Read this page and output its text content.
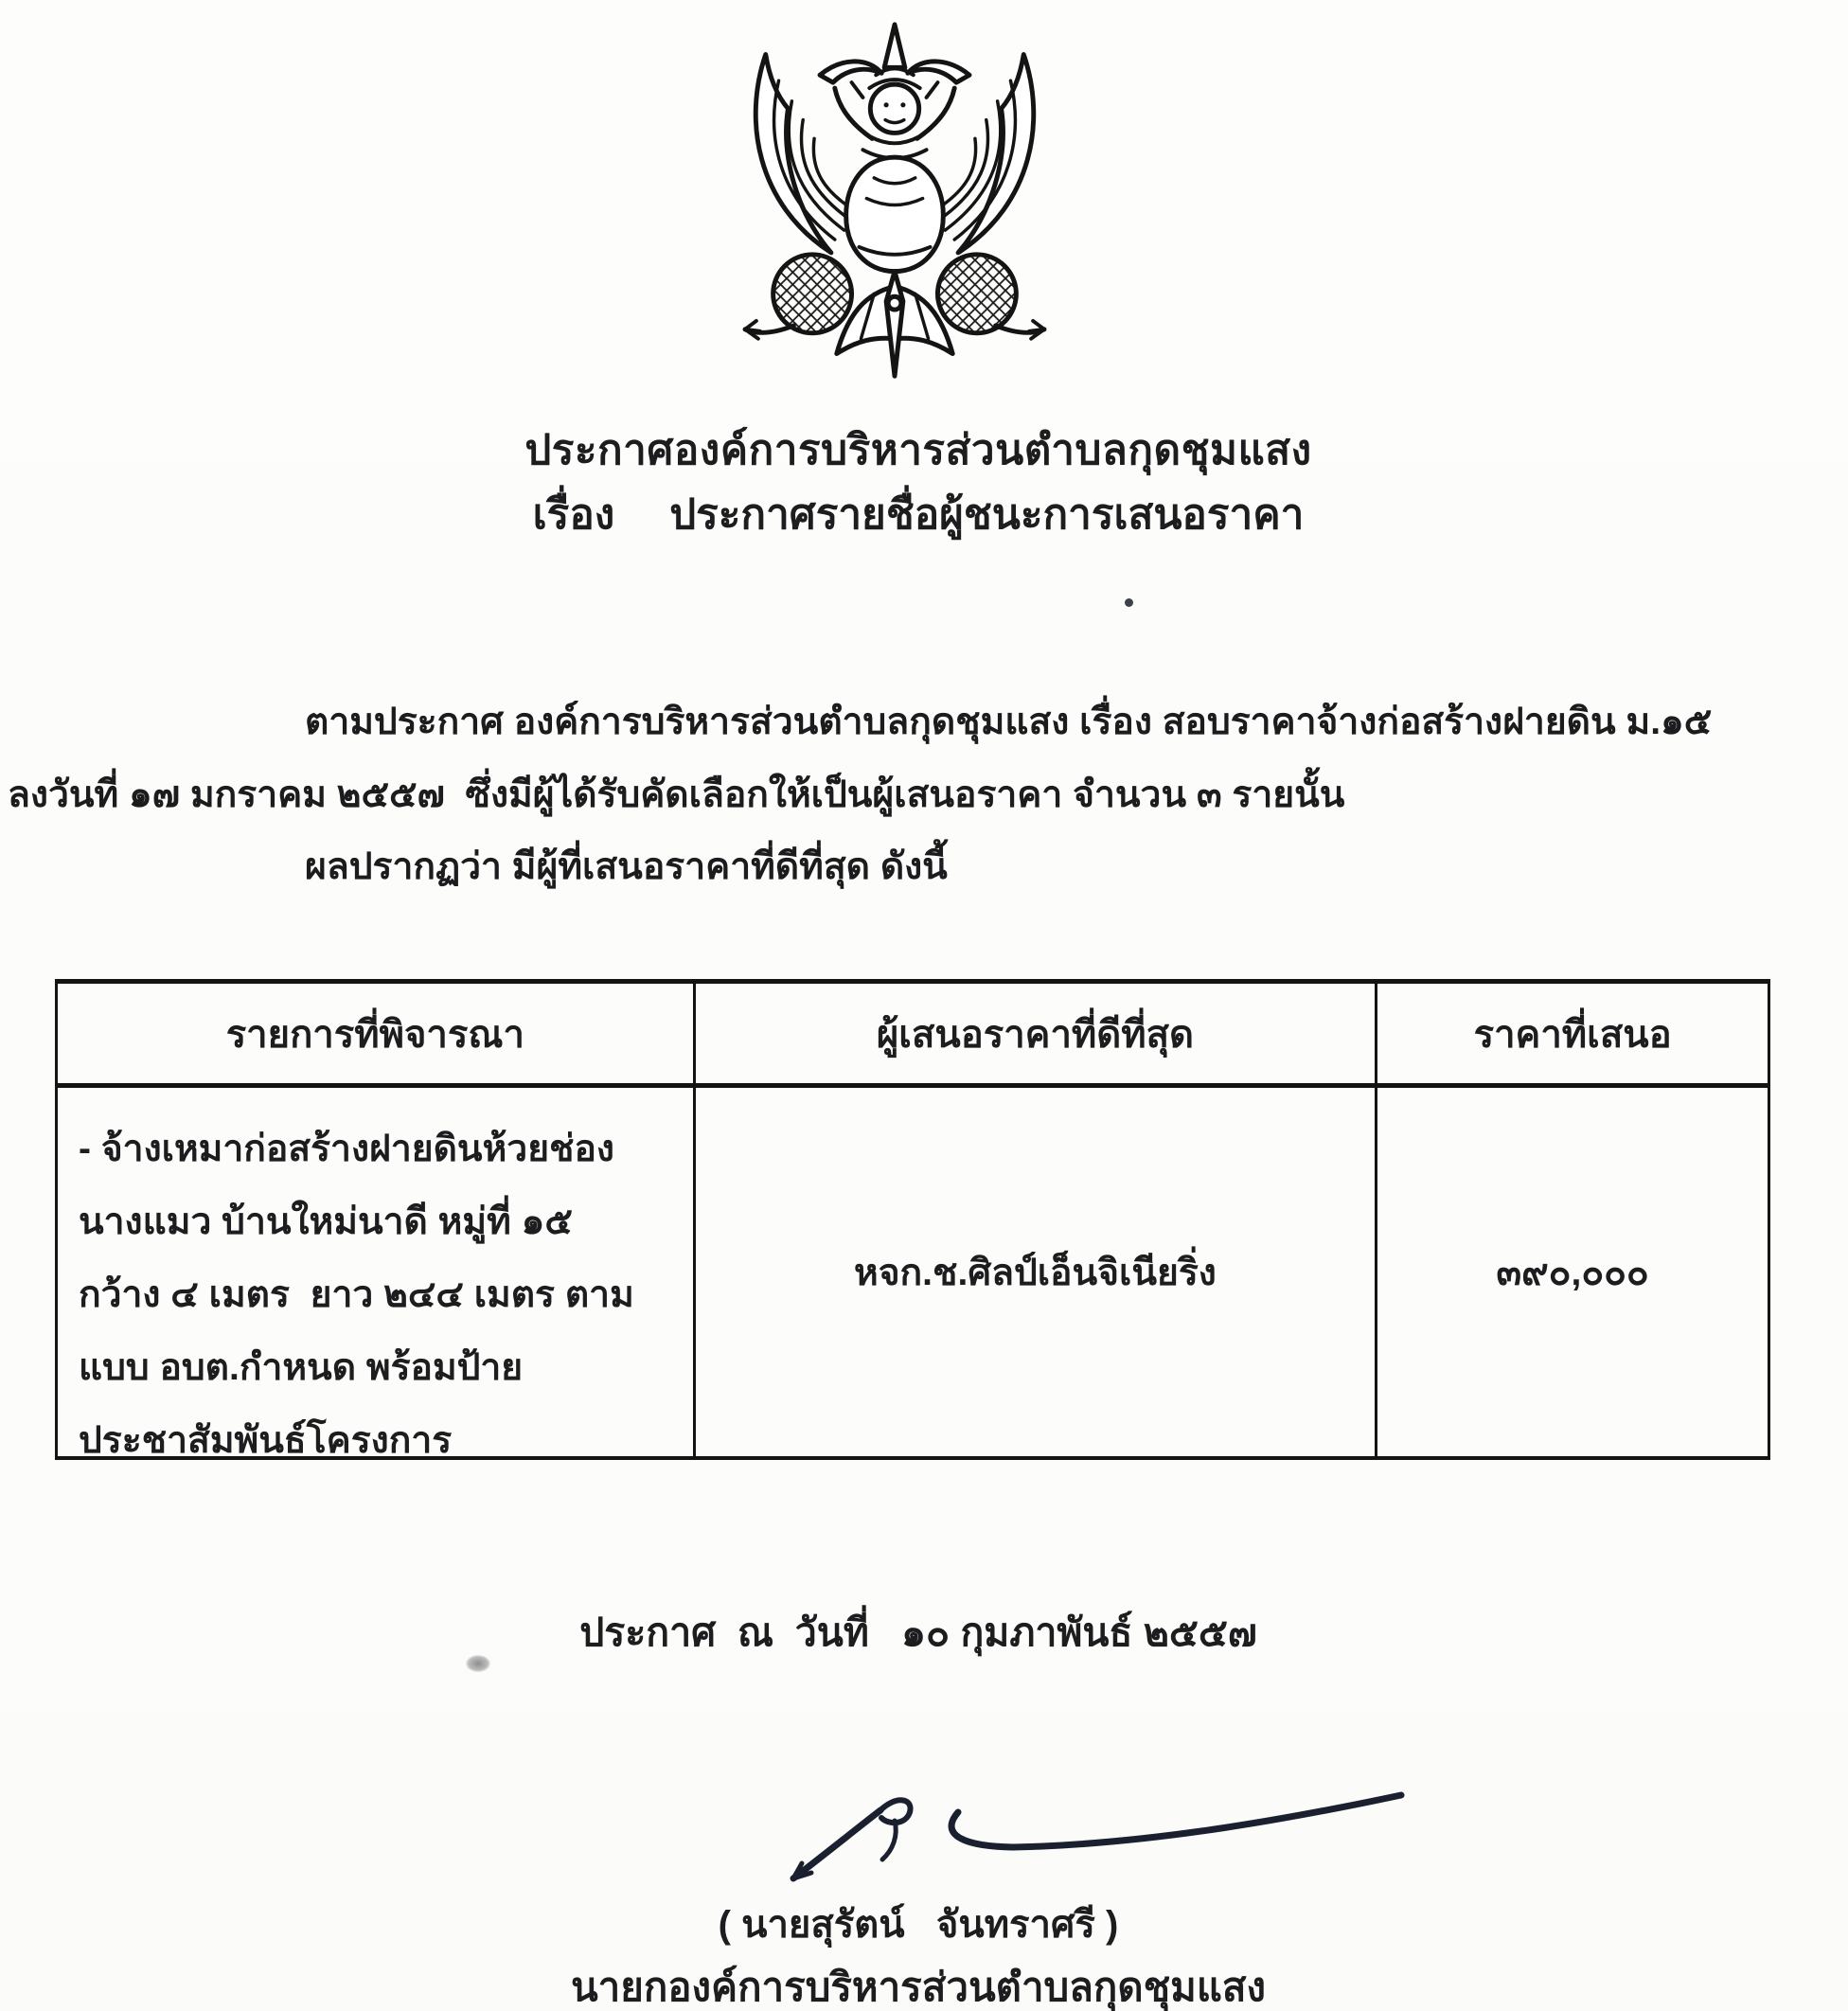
ประกาศองค์การบริหารส่วนตำบลกุดชุมแสง
เรื่อง ประกาศรายชื่อผู้ชนะการเสนอราคา
ตามประกาศ องค์การบริหารส่วนตำบลกุดชุมแสง เรื่อง สอบราคาจ้างก่อสร้างฝายดิน ม.๑๕
ลงวันที่ ๑๗ มกราคม ๒๕๕๗  ซึ่งมีผู้ได้รับคัดเลือกให้เป็นผู้เสนอราคา จำนวน ๓ รายนั้น
ผลปรากฏว่า มีผู้ที่เสนอราคาที่ดีที่สุด ดังนี้
รายการที่พิจารณา	ผู้เสนอราคาที่ดีที่สุด	ราคาที่เสนอ
- จ้างเหมาก่อสร้างฝายดินห้วยช่อง
นางแมว บ้านใหม่นาดี หมู่ที่ ๑๕
กว้าง ๔ เมตร  ยาว ๒๔๔ เมตร ตาม
แบบ อบต.กำหนด พร้อมป้าย
ประชาสัมพันธ์โครงการ
หจก.ช.ศิลป์เอ็นจิเนียริ่ง	๓๙๐,๐๐๐
ประกาศ  ณ  วันที่   ๑๐ กุมภาพันธ์ ๒๕๕๗
( นายสุรัตน์   จันทราศรี )
นายกองค์การบริหารส่วนตำบลกุดชุมแสง
